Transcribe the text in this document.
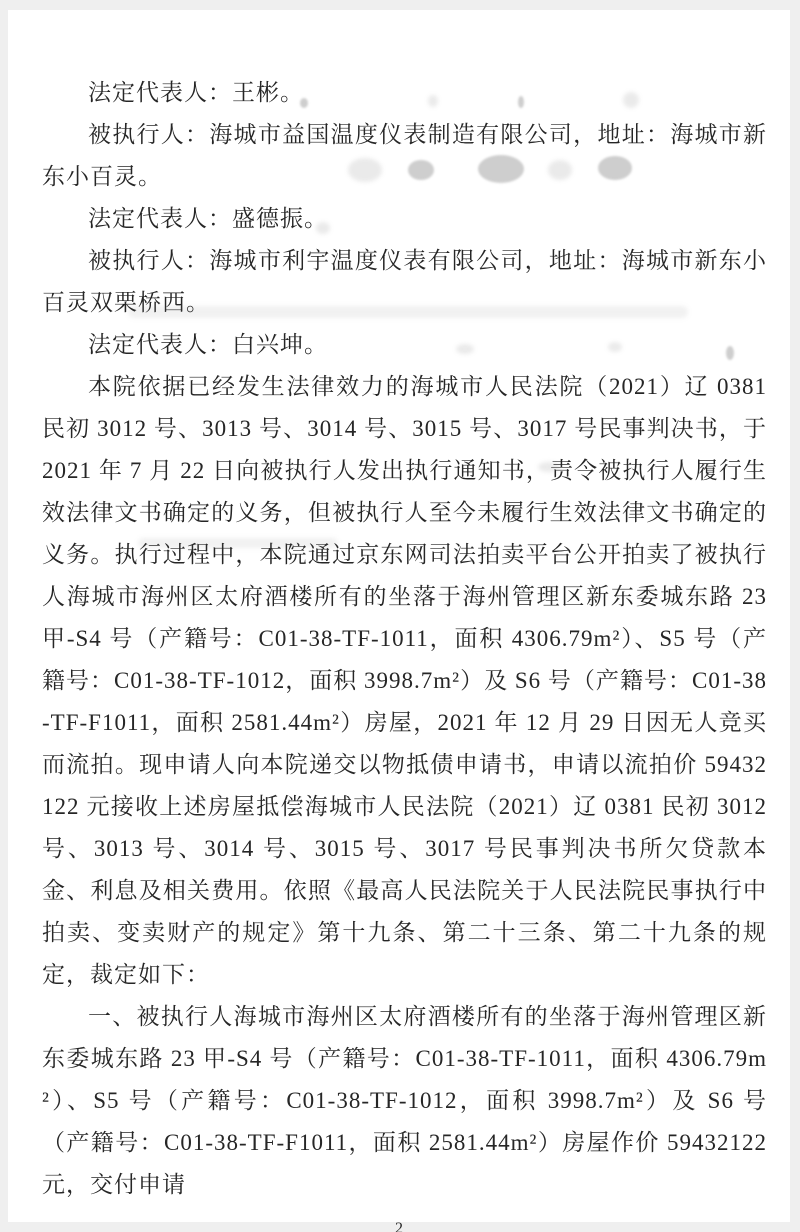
法定代表人：王彬。

被执行人：海城市益国温度仪表制造有限公司，地址：海城市新东小百灵。

法定代表人：盛德振。

被执行人：海城市利宇温度仪表有限公司，地址：海城市新东小百灵双栗桥西。

法定代表人：白兴坤。

本院依据已经发生法律效力的海城市人民法院（2021）辽 0381 民初 3012 号、3013 号、3014 号、3015 号、3017 号民事判决书，于 2021 年 7 月 22 日向被执行人发出执行通知书，责令被执行人履行生效法律文书确定的义务，但被执行人至今未履行生效法律文书确定的义务。执行过程中，本院通过京东网司法拍卖平台公开拍卖了被执行人海城市海州区太府酒楼所有的坐落于海州管理区新东委城东路 23 甲-S4 号（产籍号：C01-38-TF-1011，面积 4306.79m²）、S5 号（产籍号：C01-38-TF-1012，面积 3998.7m²）及 S6 号（产籍号：C01-38-TF-F1011，面积 2581.44m²）房屋，2021 年 12 月 29 日因无人竞买而流拍。现申请人向本院递交以物抵债申请书，申请以流拍价 59432122 元接收上述房屋抵偿海城市人民法院（2021）辽 0381 民初 3012 号、3013 号、3014 号、3015 号、3017 号民事判决书所欠贷款本金、利息及相关费用。依照《最高人民法院关于人民法院民事执行中拍卖、变卖财产的规定》第十九条、第二十三条、第二十九条的规定，裁定如下：

一、被执行人海城市海州区太府酒楼所有的坐落于海州管理区新东委城东路 23 甲-S4 号（产籍号：C01-38-TF-1011，面积 4306.79m²）、S5 号（产籍号：C01-38-TF-1012，面积 3998.7m²）及 S6 号（产籍号：C01-38-TF-F1011，面积 2581.44m²）房屋作价 59432122 元，交付申请

2
